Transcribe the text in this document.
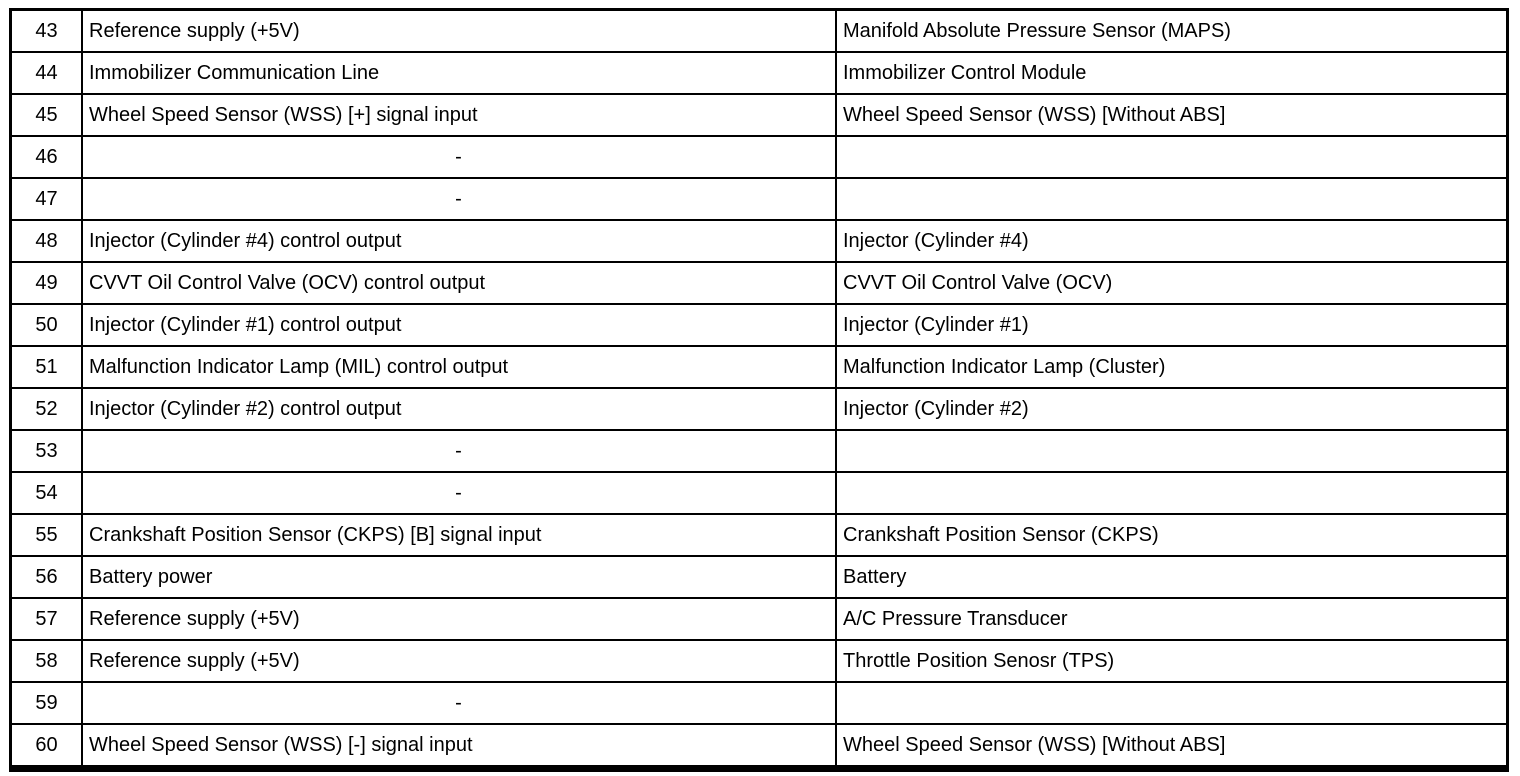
43	Reference supply (+5V)	Manifold Absolute Pressure Sensor (MAPS)
44	Immobilizer Communication Line	Immobilizer Control Module
45	Wheel Speed Sensor (WSS) [+] signal input	Wheel Speed Sensor (WSS) [Without ABS]
46	-	
47	-	
48	Injector (Cylinder #4) control output	Injector (Cylinder #4)
49	CVVT Oil Control Valve (OCV) control output	CVVT Oil Control Valve (OCV)
50	Injector (Cylinder #1) control output	Injector (Cylinder #1)
51	Malfunction Indicator Lamp (MIL) control output	Malfunction Indicator Lamp (Cluster)
52	Injector (Cylinder #2) control output	Injector (Cylinder #2)
53	-	
54	-	
55	Crankshaft Position Sensor (CKPS) [B] signal input	Crankshaft Position Sensor (CKPS)
56	Battery power	Battery
57	Reference supply (+5V)	A/C Pressure Transducer
58	Reference supply (+5V)	Throttle Position Senosr (TPS)
59	-	
60	Wheel Speed Sensor (WSS) [-] signal input	Wheel Speed Sensor (WSS) [Without ABS]
